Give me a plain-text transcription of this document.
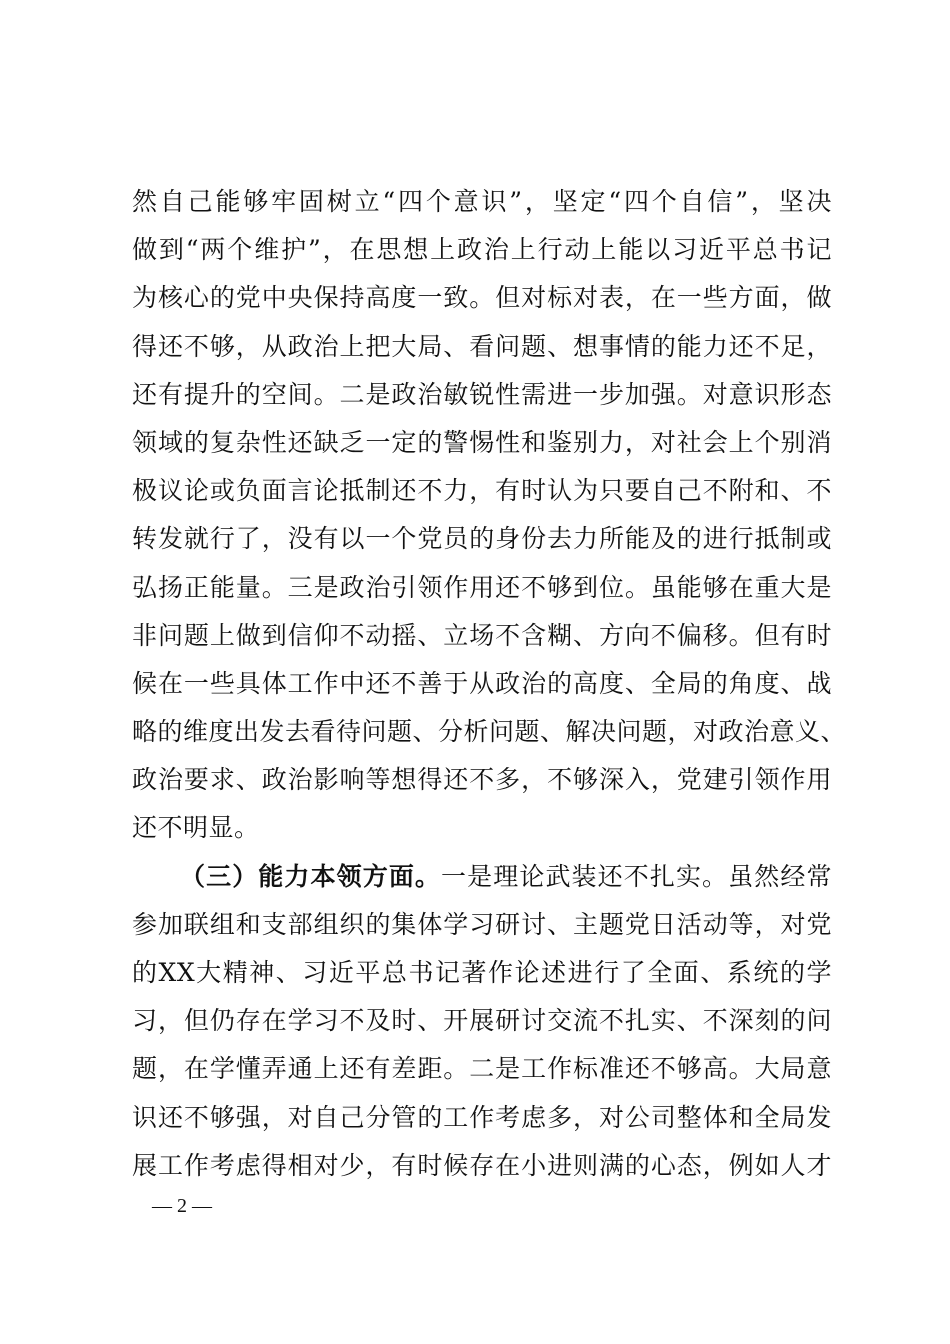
然自己能够牢固树立“四个意识”，坚定“四个自信”，坚决
做到“两个维护”，在思想上政治上行动上能以习近平总书记
为核心的党中央保持高度一致。但对标对表，在一些方面，做
得还不够，从政治上把大局、看问题、想事情的能力还不足，
还有提升的空间。二是政治敏锐性需进一步加强。对意识形态
领域的复杂性还缺乏一定的警惕性和鉴别力，对社会上个别消
极议论或负面言论抵制还不力，有时认为只要自己不附和、不
转发就行了，没有以一个党员的身份去力所能及的进行抵制或
弘扬正能量。三是政治引领作用还不够到位。虽能够在重大是
非问题上做到信仰不动摇、立场不含糊、方向不偏移。但有时
候在一些具体工作中还不善于从政治的高度、全局的角度、战
略的维度出发去看待问题、分析问题、解决问题，对政治意义、
政治要求、政治影响等想得还不多，不够深入，党建引领作用
还不明显。
（三）能力本领方面。一是理论武装还不扎实。虽然经常
参加联组和支部组织的集体学习研讨、主题党日活动等，对党
的XX大精神、习近平总书记著作论述进行了全面、系统的学
习，但仍存在学习不及时、开展研讨交流不扎实、不深刻的问
题，在学懂弄通上还有差距。二是工作标准还不够高。大局意
识还不够强，对自己分管的工作考虑多，对公司整体和全局发
展工作考虑得相对少，有时候存在小进则满的心态，例如人才
— 2 —
